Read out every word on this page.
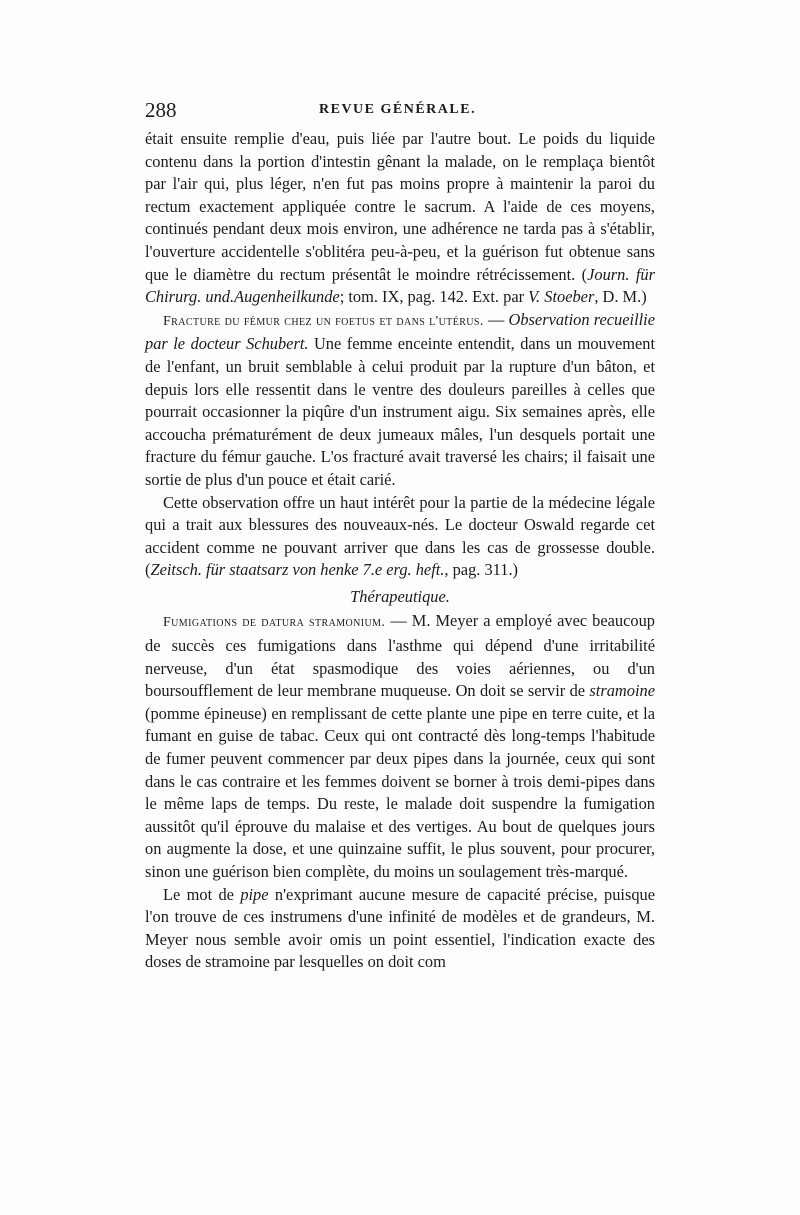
288	REVUE GÉNÉRALE.

était ensuite remplie d'eau, puis liée par l'autre bout. Le poids du liquide contenu dans la portion d'intestin gênant la malade, on le remplaça bientôt par l'air qui, plus léger, n'en fut pas moins propre à maintenir la paroi du rectum exactement appliquée contre le sacrum. A l'aide de ces moyens, continués pendant deux mois environ, une adhérence ne tarda pas à s'établir, l'ouverture accidentelle s'oblitéra peu-à-peu, et la guérison fut obtenue sans que le diamètre du rectum présentât le moindre rétrécissement. (Journ. für Chirurg. und.Augenheilkunde; tom. IX, pag. 142. Ext. par V. Stoeber, D. M.)

Fracture du fémur chez un foetus et dans l'utérus. — Observation recueillie par le docteur Schubert. Une femme enceinte entendit, dans un mouvement de l'enfant, un bruit semblable à celui produit par la rupture d'un bâton, et depuis lors elle ressentit dans le ventre des douleurs pareilles à celles que pourrait occasionner la piqûre d'un instrument aigu. Six semaines après, elle accoucha prématurément de deux jumeaux mâles, l'un desquels portait une fracture du fémur gauche. L'os fracturé avait traversé les chairs; il faisait une sortie de plus d'un pouce et était carié.

Cette observation offre un haut intérêt pour la partie de la médecine légale qui a trait aux blessures des nouveaux-nés. Le docteur Oswald regarde cet accident comme ne pouvant arriver que dans les cas de grossesse double. (Zeitsch. für staatsarz von henke 7.e erg. heft., pag. 311.)

Thérapeutique.

Fumigations de datura stramonium. — M. Meyer a employé avec beaucoup de succès ces fumigations dans l'asthme qui dépend d'une irritabilité nerveuse, d'un état spasmodique des voies aériennes, ou d'un boursoufflement de leur membrane muqueuse. On doit se servir de stramoine (pomme épineuse) en remplissant de cette plante une pipe en terre cuite, et la fumant en guise de tabac. Ceux qui ont contracté dès long-temps l'habitude de fumer peuvent commencer par deux pipes dans la journée, ceux qui sont dans le cas contraire et les femmes doivent se borner à trois demi-pipes dans le même laps de temps. Du reste, le malade doit suspendre la fumigation aussitôt qu'il éprouve du malaise et des vertiges. Au bout de quelques jours on augmente la dose, et une quinzaine suffit, le plus souvent, pour procurer, sinon une guérison bien complète, du moins un soulagement très-marqué.

Le mot de pipe n'exprimant aucune mesure de capacité précise, puisque l'on trouve de ces instrumens d'une infinité de modèles et de grandeurs, M. Meyer nous semble avoir omis un point essentiel, l'indication exacte des doses de stramoine par lesquelles on doit com
